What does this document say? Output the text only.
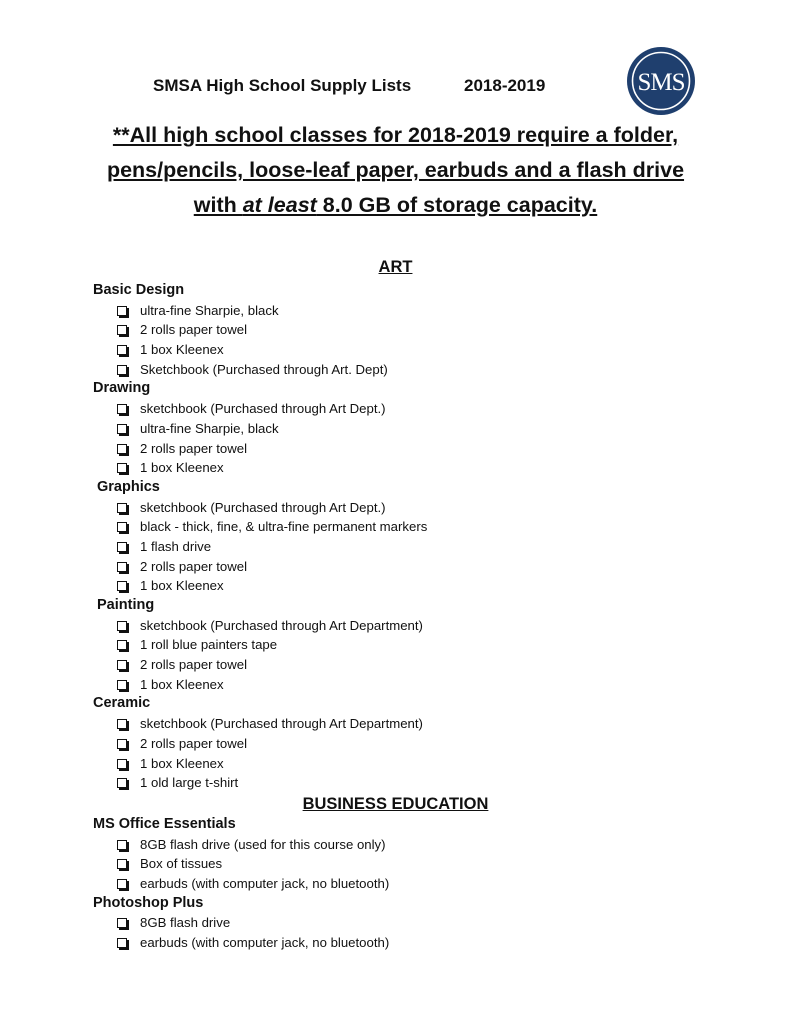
SMSA High School Supply Lists	2018-2019	SMS
**All high school classes for 2018-2019 require a folder,
pens/pencils, loose-leaf paper, earbuds and a flash drive
with at least 8.0 GB of storage capacity.
ART
Basic Design
ultra-fine Sharpie, black
2 rolls paper towel
1 box Kleenex
Sketchbook (Purchased through Art. Dept)
Drawing
sketchbook (Purchased through Art Dept.)
ultra-fine Sharpie, black
2 rolls paper towel
1 box Kleenex
Graphics
sketchbook (Purchased through Art Dept.)
black - thick, fine, & ultra-fine permanent markers
1 flash drive
2 rolls paper towel
1 box Kleenex
Painting
sketchbook (Purchased through Art Department)
1 roll blue painters tape
2 rolls paper towel
1 box Kleenex
Ceramic
sketchbook (Purchased through Art Department)
2 rolls paper towel
1 box Kleenex
1 old large t-shirt
BUSINESS EDUCATION
MS Office Essentials
8GB flash drive (used for this course only)
Box of tissues
earbuds (with computer jack, no bluetooth)
Photoshop Plus
8GB flash drive
earbuds (with computer jack, no bluetooth)
